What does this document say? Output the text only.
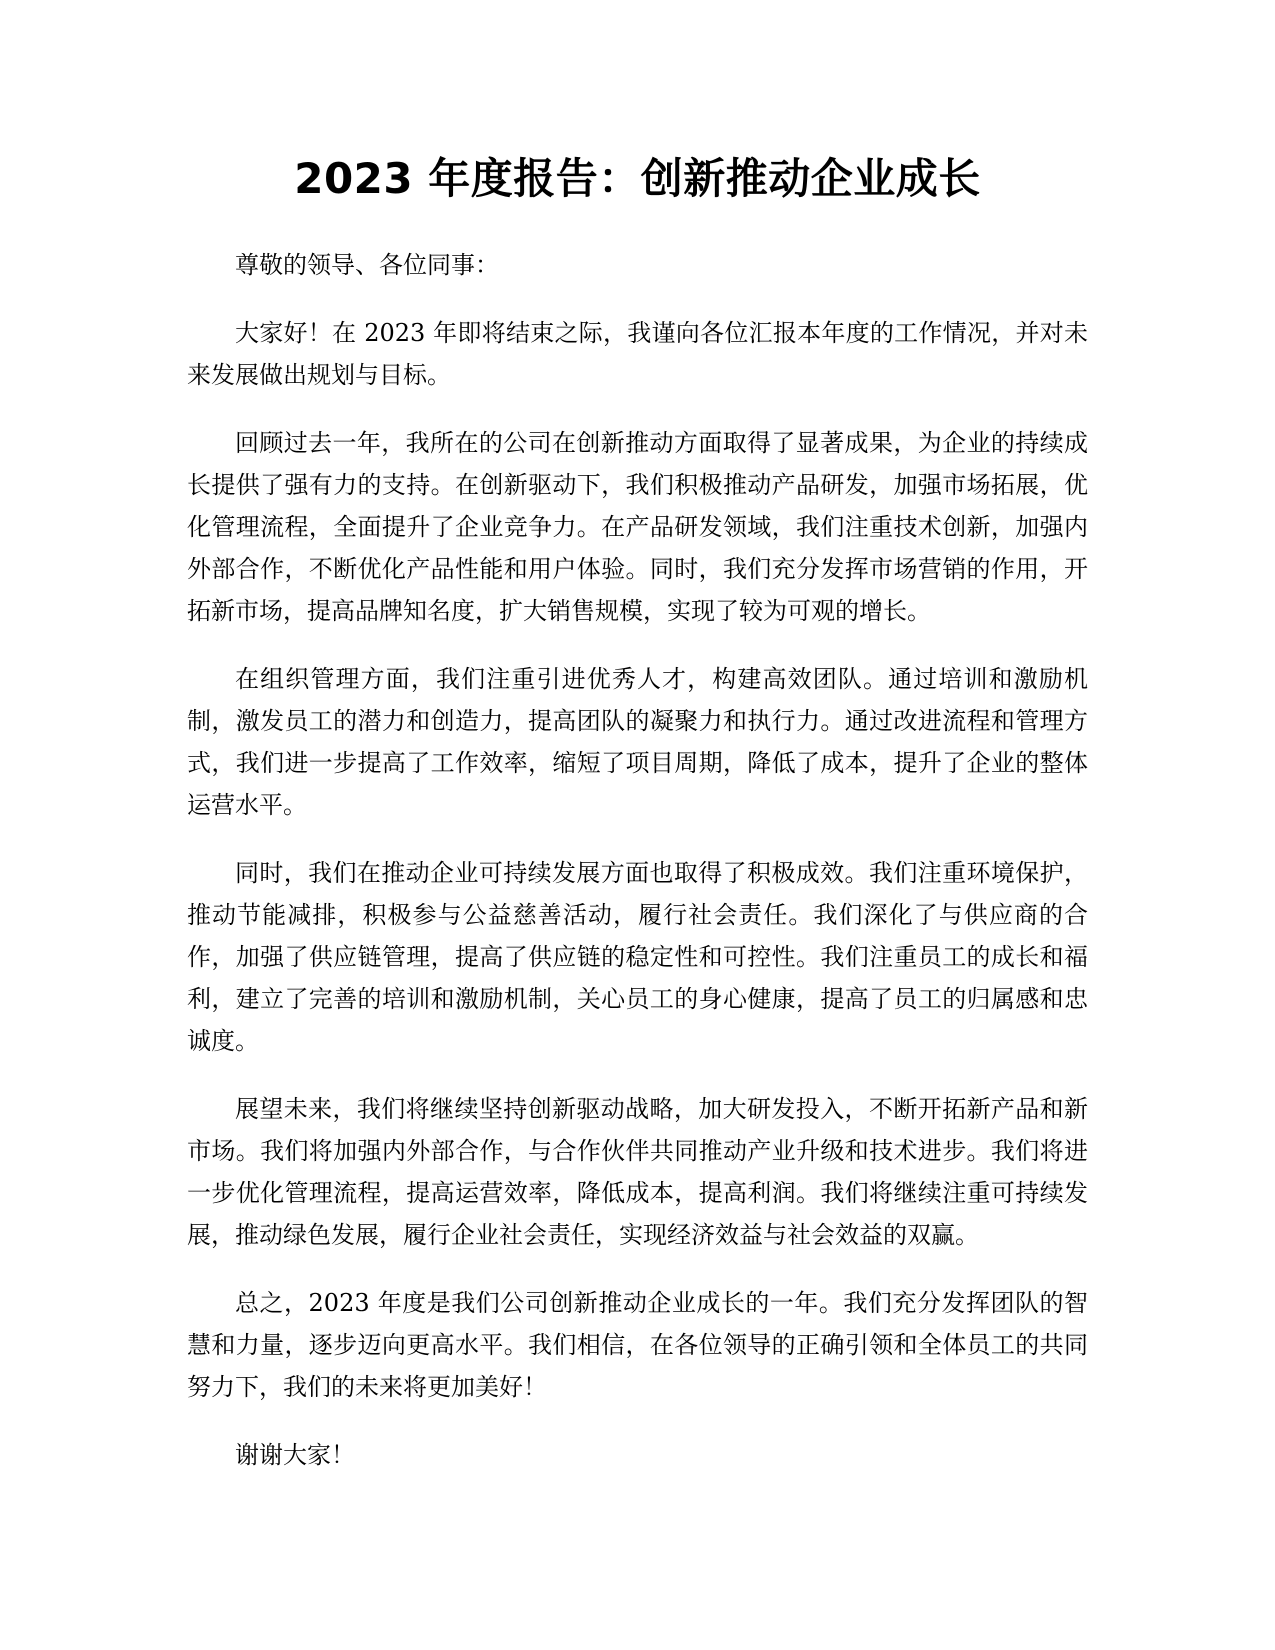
2023 年度报告：创新推动企业成长

尊敬的领导、各位同事：

大家好！在 2023 年即将结束之际，我谨向各位汇报本年度的工作情况，并对未来发展做出规划与目标。

回顾过去一年，我所在的公司在创新推动方面取得了显著成果，为企业的持续成长提供了强有力的支持。在创新驱动下，我们积极推动产品研发，加强市场拓展，优化管理流程，全面提升了企业竞争力。在产品研发领域，我们注重技术创新，加强内外部合作，不断优化产品性能和用户体验。同时，我们充分发挥市场营销的作用，开拓新市场，提高品牌知名度，扩大销售规模，实现了较为可观的增长。

在组织管理方面，我们注重引进优秀人才，构建高效团队。通过培训和激励机制，激发员工的潜力和创造力，提高团队的凝聚力和执行力。通过改进流程和管理方式，我们进一步提高了工作效率，缩短了项目周期，降低了成本，提升了企业的整体运营水平。

同时，我们在推动企业可持续发展方面也取得了积极成效。我们注重环境保护，推动节能减排，积极参与公益慈善活动，履行社会责任。我们深化了与供应商的合作，加强了供应链管理，提高了供应链的稳定性和可控性。我们注重员工的成长和福利，建立了完善的培训和激励机制，关心员工的身心健康，提高了员工的归属感和忠诚度。

展望未来，我们将继续坚持创新驱动战略，加大研发投入，不断开拓新产品和新市场。我们将加强内外部合作，与合作伙伴共同推动产业升级和技术进步。我们将进一步优化管理流程，提高运营效率，降低成本，提高利润。我们将继续注重可持续发展，推动绿色发展，履行企业社会责任，实现经济效益与社会效益的双赢。

总之，2023 年度是我们公司创新推动企业成长的一年。我们充分发挥团队的智慧和力量，逐步迈向更高水平。我们相信，在各位领导的正确引领和全体员工的共同努力下，我们的未来将更加美好！

谢谢大家！
